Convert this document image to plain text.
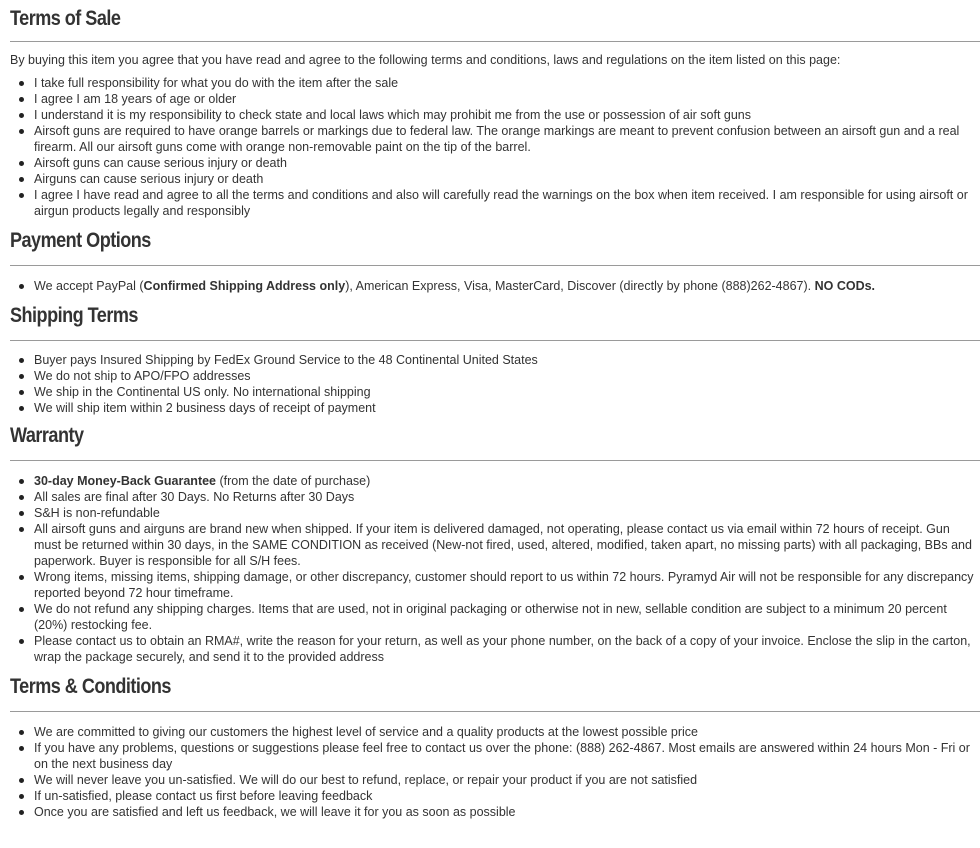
Terms of Sale

By buying this item you agree that you have read and agree to the following terms and conditions, laws and regulations on the item listed on this page:

I take full responsibility for what you do with the item after the sale
I agree I am 18 years of age or older
I understand it is my responsibility to check state and local laws which may prohibit me from the use or possession of air soft guns
Airsoft guns are required to have orange barrels or markings due to federal law. The orange markings are meant to prevent confusion between an airsoft gun and a real firearm. All our airsoft guns come with orange non-removable paint on the tip of the barrel.
Airsoft guns can cause serious injury or death
Airguns can cause serious injury or death
I agree I have read and agree to all the terms and conditions and also will carefully read the warnings on the box when item received. I am responsible for using airsoft or airgun products legally and responsibly
Payment Options
We accept PayPal (Confirmed Shipping Address only), American Express, Visa, MasterCard, Discover (directly by phone (888)262-4867). NO CODs.
Shipping Terms
Buyer pays Insured Shipping by FedEx Ground Service to the 48 Continental United States
We do not ship to APO/FPO addresses
We ship in the Continental US only. No international shipping
We will ship item within 2 business days of receipt of payment
Warranty
30-day Money-Back Guarantee (from the date of purchase)
All sales are final after 30 Days. No Returns after 30 Days
S&H is non-refundable
All airsoft guns and airguns are brand new when shipped. If your item is delivered damaged, not operating, please contact us via email within 72 hours of receipt. Gun must be returned within 30 days, in the SAME CONDITION as received (New-not fired, used, altered, modified, taken apart, no missing parts) with all packaging, BBs and paperwork. Buyer is responsible for all S/H fees.
Wrong items, missing items, shipping damage, or other discrepancy, customer should report to us within 72 hours. Pyramyd Air will not be responsible for any discrepancy reported beyond 72 hour timeframe.
We do not refund any shipping charges. Items that are used, not in original packaging or otherwise not in new, sellable condition are subject to a minimum 20 percent (20%) restocking fee.
Please contact us to obtain an RMA#, write the reason for your return, as well as your phone number, on the back of a copy of your invoice. Enclose the slip in the carton, wrap the package securely, and send it to the provided address
Terms & Conditions
We are committed to giving our customers the highest level of service and a quality products at the lowest possible price
If you have any problems, questions or suggestions please feel free to contact us over the phone: (888) 262-4867. Most emails are answered within 24 hours Mon - Fri or on the next business day
We will never leave you un-satisfied. We will do our best to refund, replace, or repair your product if you are not satisfied
If un-satisfied, please contact us first before leaving feedback
Once you are satisfied and left us feedback, we will leave it for you as soon as possible
